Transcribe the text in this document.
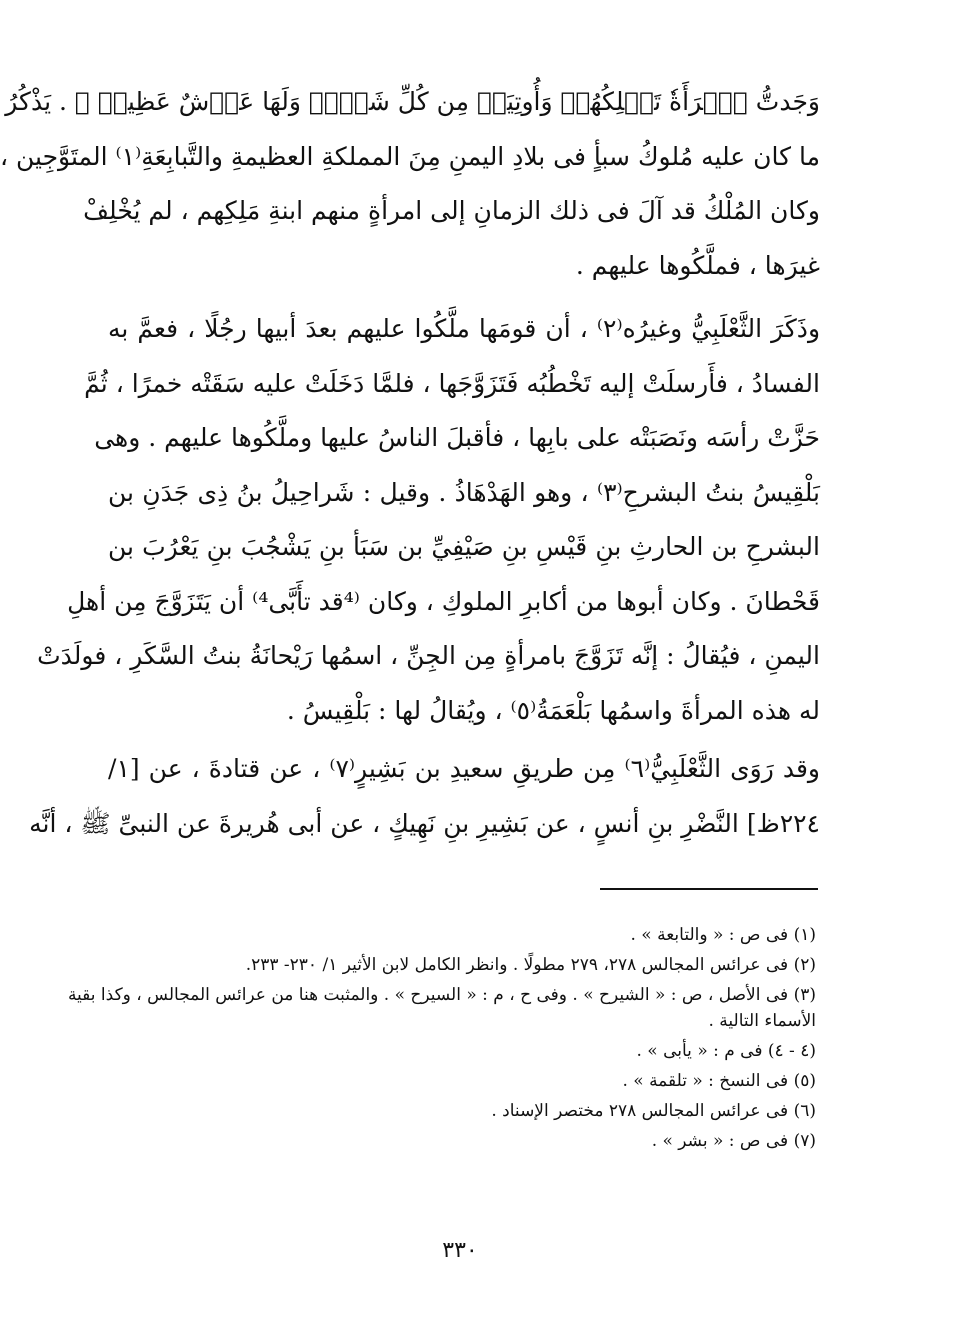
وَجَدتُّ ٱمۡرَأَةٗ تَمۡلِكُهُمۡ وَأُوتِيَتۡ مِن كُلِّ شَيۡءٖ وَلَهَا عَرۡشٌ عَظِيمٞ ﴾ . يَذْكُرُ
ما كان عليه مُلوكُ سبأٍ فى بلادِ اليمنِ مِنَ المملكةِ العظيمةِ والتَّبابِعَةِ⁽١⁾ المتَوَّجِين ،
وكان المُلْكُ قد آلَ فى ذلك الزمانِ إلى امرأةٍ منهم ابنةِ مَلِكِهم ، لم يُخْلِفْ
غيرَها ، فملَّكُوها عليهم .
وذَكَرَ الثَّعْلَبِيُّ وغيرُه⁽٢⁾ ، أن قومَها ملَّكُوا عليهم بعدَ أبيها رجُلًا ، فعمَّ به
الفسادُ ، فأَرسلَتْ إليه تَخْطُبُه فَتَزَوَّجَها ، فلمَّا دَخَلَتْ عليه سَقَتْه خمرًا ، ثُمَّ
حَزَّتْ رأسَه ونَصَبَتْه على بابِها ، فأقبلَ الناسُ عليها وملَّكُوها عليهم . وهى
بَلْقِيسُ بنتُ البشرحِ⁽٣⁾ ، وهو الهَدْهَاذُ . وقيل : شَراحِيلُ بنُ ذِى جَدَنِ بن
البشرحِ بن الحارثِ بنِ قَيْسِ بنِ صَيْفِيِّ بن سَبَأ بنِ يَشْجُبَ بنِ يَعْرُبَ بن
قَحْطانَ . وكان أبوها من أكابرِ الملوكِ ، وكان ⁽⁴قد تأَبَّى⁴⁾ أن يَتَزَوَّجَ مِن أهلِ
اليمنِ ، فيُقالُ : إنَّه تَزَوَّجَ بامرأةٍ مِن الجِنِّ ، اسمُها رَيْحانَةُ بنتُ السَّكَرِ ، فولَدَتْ
له هذه المرأةَ واسمُها بَلْعَمَةُ⁽٥⁾ ، ويُقالُ لها : بَلْقِيسُ .
وقد رَوَى الثَّعْلَبِيُّ⁽٦⁾ مِن طريقِ سعيدِ بن بَشِيرٍ⁽٧⁾ ، عن قتادةَ ، عن [١/
٢٢٤ظ] النَّضْرِ بنِ أنسٍ ، عن بَشِيرِ بنِ نَهِيكٍ ، عن أبى هُريرةَ عن النبىِّ ﷺ ، أنَّه
(١) فى ص : « والتابعة » .
(٢) فى عرائس المجالس ٢٧٨، ٢٧٩ مطولًا . وانظر الكامل لابن الأثير ١/ ٢٣٠- ٢٣٣.
(٣) فى الأصل ، ص : « الشيرح » . وفى ح ، م : « السيرح » . والمثبت هنا من عرائس المجالس ، وكذا بقية
الأسماء التالية .
(٤ - ٤) فى م : « يأبى » .
(٥) فى النسخ : « تلقمة » .
(٦) فى عرائس المجالس ٢٧٨ مختصر الإسناد .
(٧) فى ص : « بشر » .
٣٣٠
